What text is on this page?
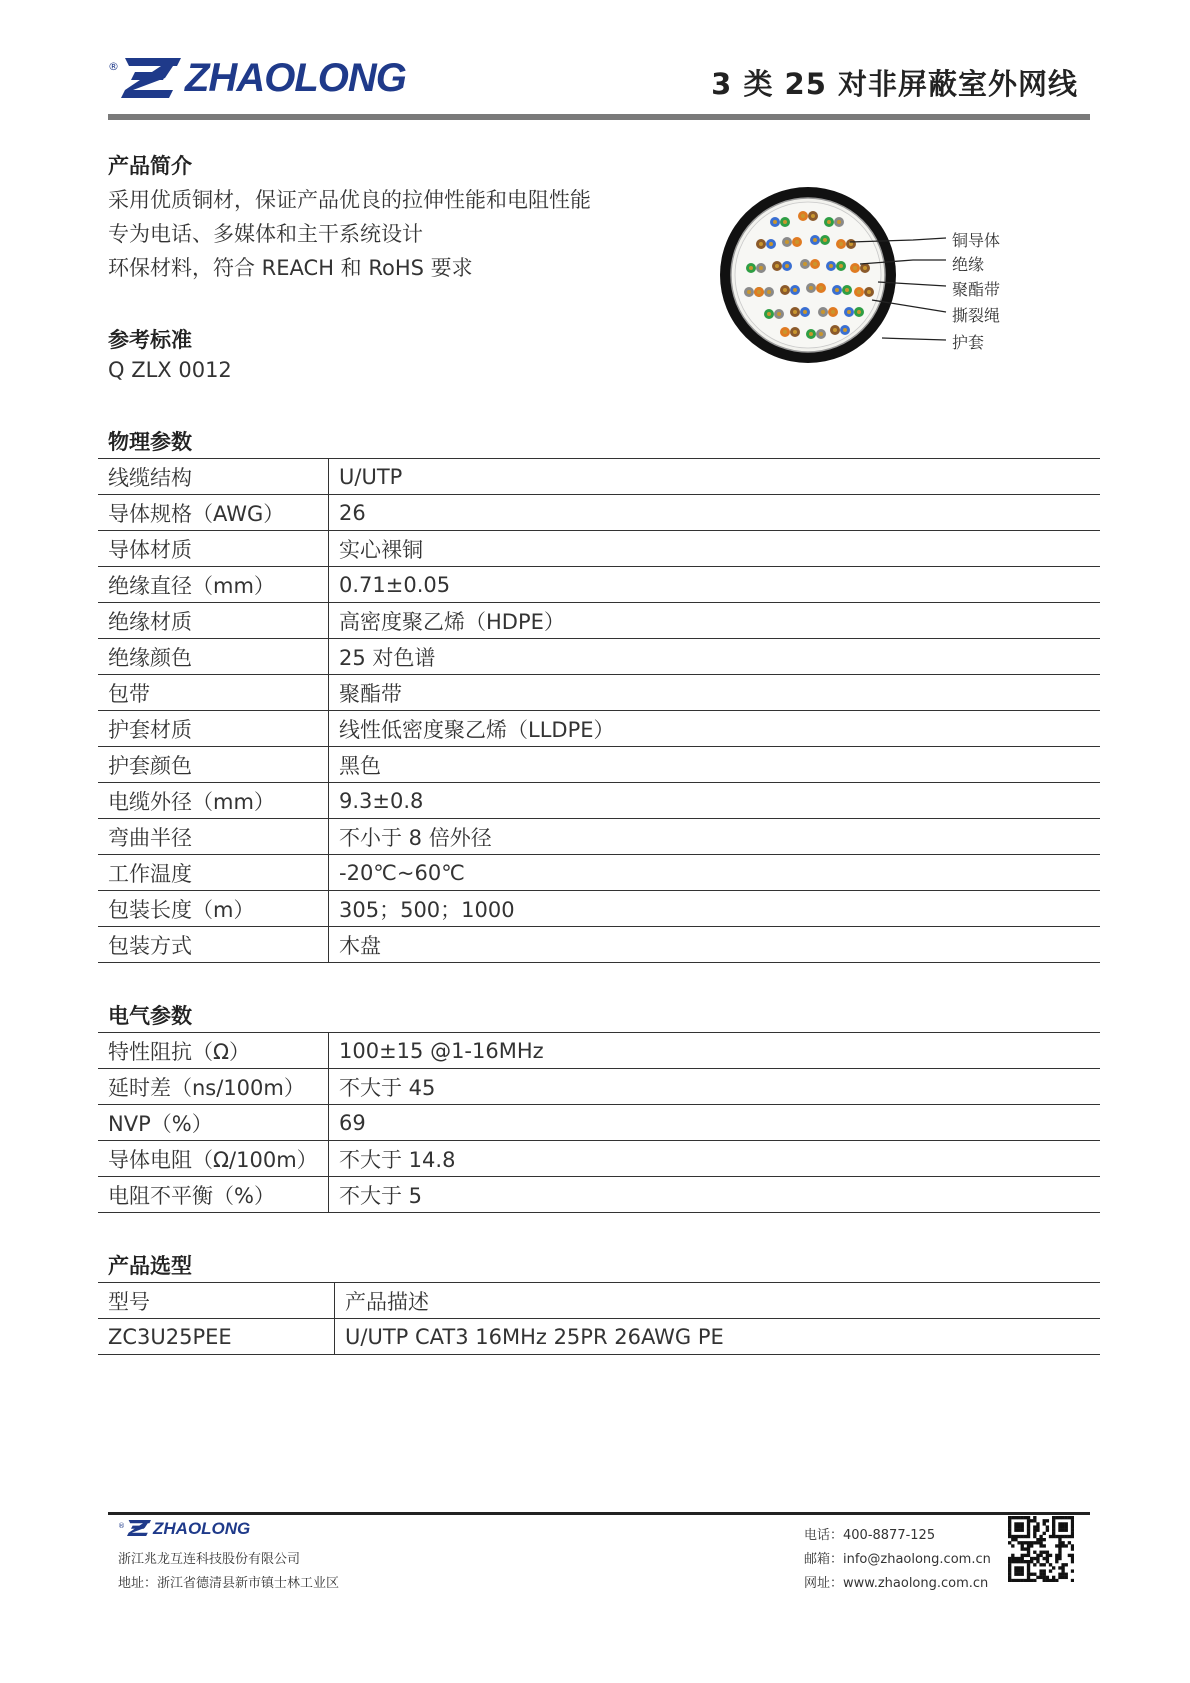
® ZHAOLONG	3 类 25 对非屏蔽室外网线
产品简介
采用优质铜材，保证产品优良的拉伸性能和电阻性能
专为电话、多媒体和主干系统设计
环保材料，符合 REACH 和 RoHS 要求
参考标准
Q ZLX 0012
铜导体
绝缘
聚酯带
撕裂绳
护套
物理参数
线缆结构	U/UTP
导体规格（AWG）	26
导体材质	实心裸铜
绝缘直径（mm）	0.71±0.05
绝缘材质	高密度聚乙烯（HDPE）
绝缘颜色	25 对色谱
包带	聚酯带
护套材质	线性低密度聚乙烯（LLDPE）
护套颜色	黑色
电缆外径（mm）	9.3±0.8
弯曲半径	不小于 8 倍外径
工作温度	-20℃~60℃
包装长度（m）	305；500；1000
包装方式	木盘
电气参数
特性阻抗（Ω）	100±15 @1-16MHz
延时差（ns/100m）	不大于 45
NVP（%）	69
导体电阻（Ω/100m）	不大于 14.8
电阻不平衡（%）	不大于 5
产品选型
型号	产品描述
ZC3U25PEE	U/UTP CAT3 16MHz 25PR 26AWG PE
® ZHAOLONG
浙江兆龙互连科技股份有限公司
地址：浙江省德清县新市镇士林工业区
电话：400-8877-125
邮箱：info@zhaolong.com.cn
网址：www.zhaolong.com.cn
